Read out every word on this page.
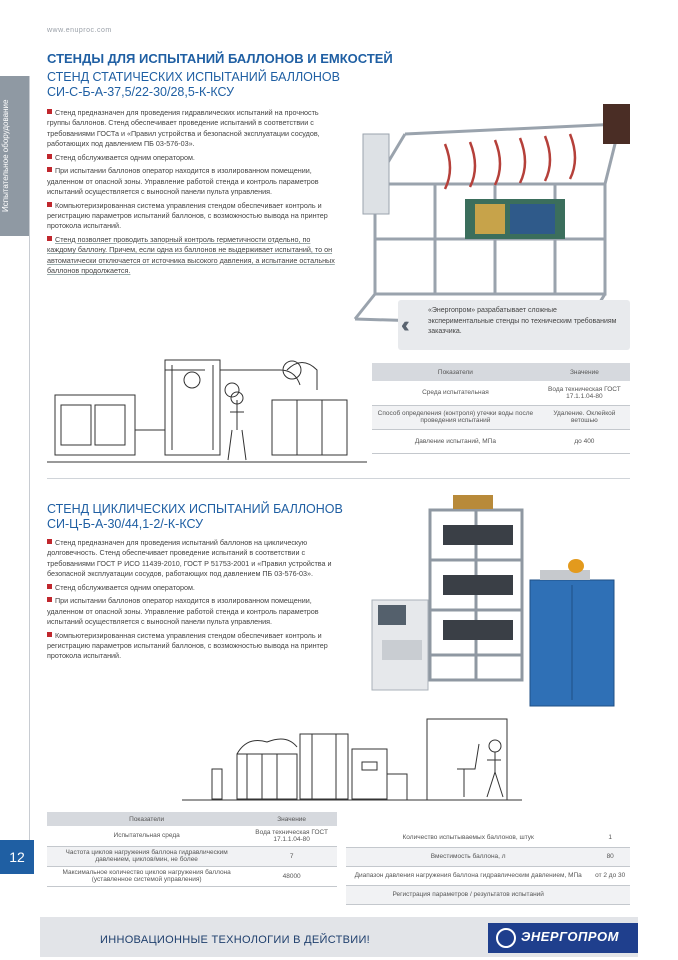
Испытательное оборудование
www.enuproc.com
СТЕНДЫ ДЛЯ ИСПЫТАНИЙ БАЛЛОНОВ И ЕМКОСТЕЙ
СТЕНД СТАТИЧЕСКИХ ИСПЫТАНИЙ БАЛЛОНОВ
СИ-С-Б-А-37,5/22-30/28,5-К-КСУ

Стенд предназначен для проведения гидравлических испытаний на прочность группы баллонов. Стенд обеспечивает проведение испытаний в соответствии с требованиями ГОСТа и «Правил устройства и безопасной эксплуатации сосудов, работающих под давлением ПБ 03-576-03».

Стенд обслуживается одним оператором.

При испытании баллонов оператор находится в изолированном помещении, удаленном от опасной зоны. Управление работой стенда и контроль параметров испытаний осуществляется с выносной панели пульта управления.

Компьютеризированная система управления стендом обеспечивает контроль и регистрацию параметров испытаний баллонов, с возможностью вывода на принтер протокола испытаний.

Стенд позволяет проводить запорный контроль герметичности отдельно, по каждому баллону. Причем, если одна из баллонов не выдерживает испытаний, то он автоматически отключается от источника высокого давления, а испытание остальных баллонов продолжается.

‹‹
«Энергопром» разрабатывает сложные экспериментальные стенды по техническим требованиям заказчика.
Показатели	Значение
Среда испытательная	Вода техническая ГОСТ 17.1.1.04-80
Способ определения (контроля) утечки воды после проведения испытаний	Удаление. Оклейкой ветошью
Давление испытаний, МПа	до 400
СТЕНД ЦИКЛИЧЕСКИХ ИСПЫТАНИЙ БАЛЛОНОВ
СИ-Ц-Б-А-30/44,1-2/-К-КСУ

Стенд предназначен для проведения испытаний баллонов на циклическую долговечность. Стенд обеспечивает проведение испытаний в соответствии с требованиями ГОСТ Р ИСО 11439-2010, ГОСТ Р 51753-2001 и «Правил устройства и безопасной эксплуатации сосудов, работающих под давлением ПБ 03-576-03».

Стенд обслуживается одним оператором.

При испытании баллонов оператор находится в изолированном помещении, удаленном от опасной зоны. Управление работой стенда и контроль параметров испытаний осуществляется с выносной панели пульта управления.

Компьютеризированная система управления стендом обеспечивает контроль и регистрацию параметров испытаний баллонов, с возможностью вывода на принтер протокола испытаний.

Показатели	Значение
Испытательная среда	Вода техническая ГОСТ 17.1.1.04-80
Частота циклов нагружения баллона гидравлическим давлением, циклов/мин, не более	7
Максимальное количество циклов нагружения баллона (уставленное системой управления)	48000
Количество испытываемых баллонов, штук	1
Вместимость баллона, л	80
Диапазон давления нагружения баллона гидравлическим давлением, МПа	от 2 до 30
Регистрация параметров / результатов испытаний	
12
ИННОВАЦИОННЫЕ ТЕХНОЛОГИИ В ДЕЙСТВИИ!	ЭНЕРГОПРОМ
